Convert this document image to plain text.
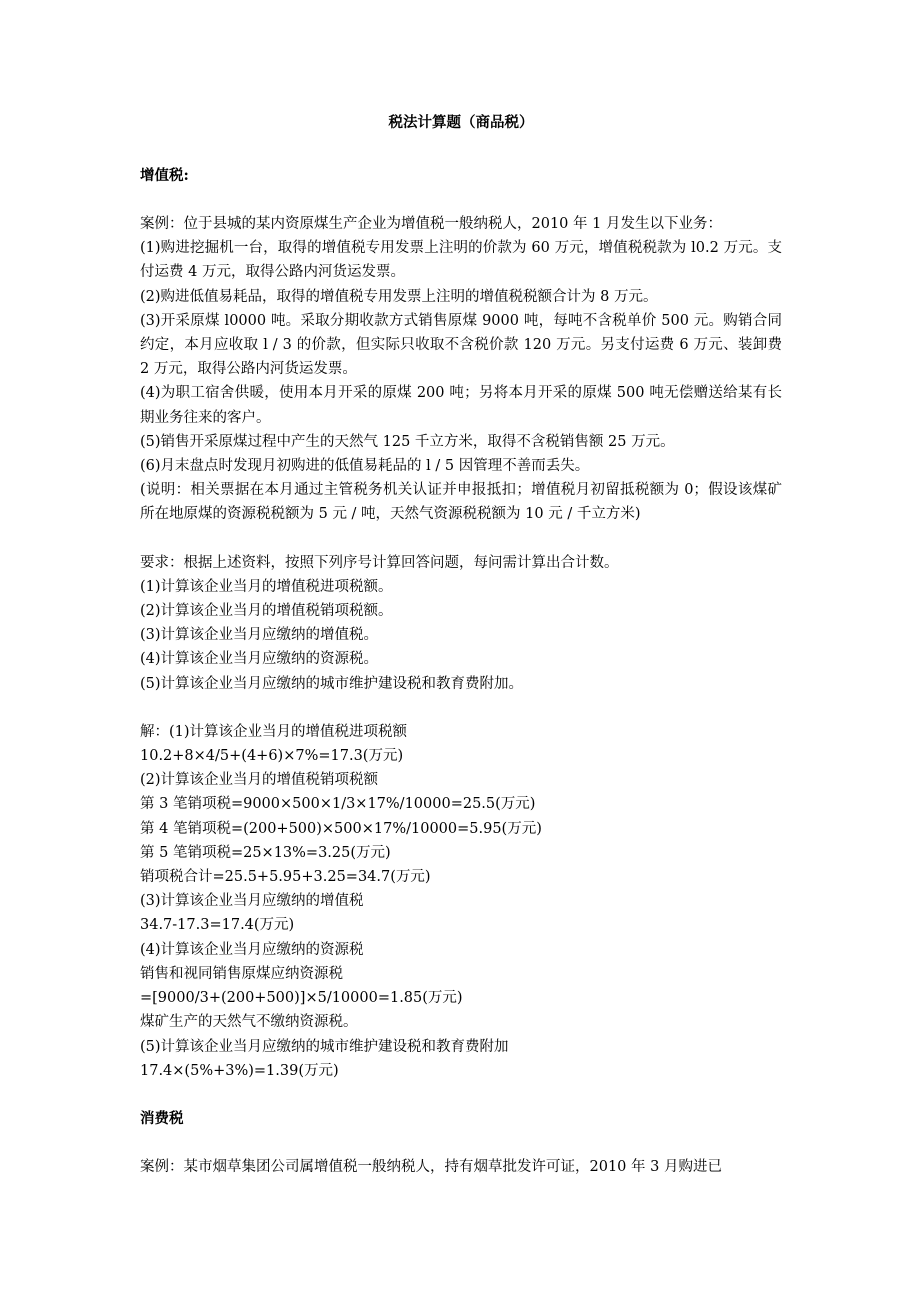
税法计算题（商品税）

增值税:

案例：位于县城的某内资原煤生产企业为增值税一般纳税人，2010 年 1 月发生以下业务：

(1)购进挖掘机一台，取得的增值税专用发票上注明的价款为 60 万元，增值税税款为 l0.2 万元。支付运费 4 万元，取得公路内河货运发票。

(2)购进低值易耗品，取得的增值税专用发票上注明的增值税税额合计为 8 万元。

(3)开采原煤 l0000 吨。采取分期收款方式销售原煤 9000 吨，每吨不含税单价 500 元。购销合同约定，本月应收取 l / 3 的价款，但实际只收取不含税价款 120 万元。另支付运费 6 万元、装卸费 2 万元，取得公路内河货运发票。

(4)为职工宿舍供暖，使用本月开采的原煤 200 吨；另将本月开采的原煤 500 吨无偿赠送给某有长期业务往来的客户。

(5)销售开采原煤过程中产生的天然气 125 千立方米，取得不含税销售额 25 万元。

(6)月末盘点时发现月初购进的低值易耗品的 l / 5 因管理不善而丢失。

(说明：相关票据在本月通过主管税务机关认证并申报抵扣；增值税月初留抵税额为 0；假设该煤矿所在地原煤的资源税税额为 5 元 / 吨，天然气资源税税额为 10 元 / 千立方米)

要求：根据上述资料，按照下列序号计算回答问题，每问需计算出合计数。

(1)计算该企业当月的增值税进项税额。

(2)计算该企业当月的增值税销项税额。

(3)计算该企业当月应缴纳的增值税。

(4)计算该企业当月应缴纳的资源税。

(5)计算该企业当月应缴纳的城市维护建设税和教育费附加。

解：(1)计算该企业当月的增值税进项税额

10.2+8×4/5+(4+6)×7%=17.3(万元)

(2)计算该企业当月的增值税销项税额

第 3 笔销项税=9000×500×1/3×17%/10000=25.5(万元)

第 4 笔销项税=(200+500)×500×17%/10000=5.95(万元)

第 5 笔销项税=25×13%=3.25(万元)

销项税合计=25.5+5.95+3.25=34.7(万元)

(3)计算该企业当月应缴纳的增值税

34.7-17.3=17.4(万元)

(4)计算该企业当月应缴纳的资源税

销售和视同销售原煤应纳资源税

=[9000/3+(200+500)]×5/10000=1.85(万元)

煤矿生产的天然气不缴纳资源税。

(5)计算该企业当月应缴纳的城市维护建设税和教育费附加

17.4×(5%+3%)=1.39(万元)

消费税

案例：某市烟草集团公司属增值税一般纳税人，持有烟草批发许可证，2010 年 3 月购进已
